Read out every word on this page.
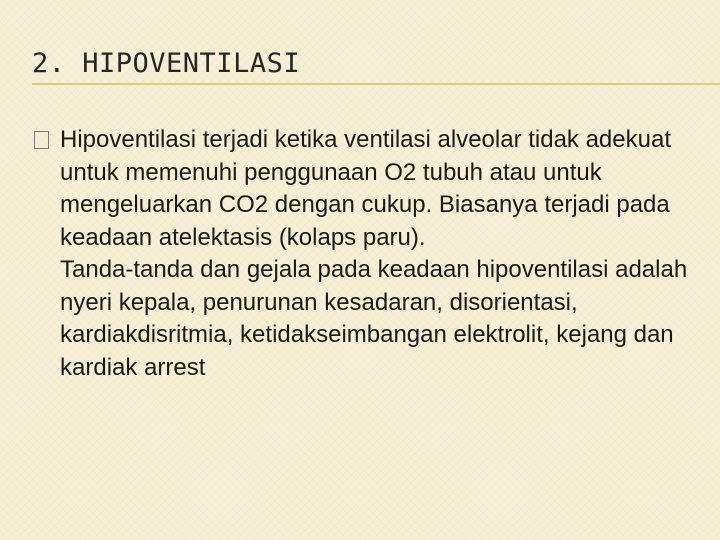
2. HIPOVENTILASI

Hipoventilasi terjadi ketika ventilasi alveolar tidak adekuat untuk memenuhi penggunaan O2 tubuh atau untuk mengeluarkan CO2 dengan cukup. Biasanya terjadi pada keadaan atelektasis (kolaps paru).

Tanda-tanda dan gejala pada keadaan hipoventilasi adalah nyeri kepala, penurunan kesadaran, disorientasi, kardiakdisritmia, ketidakseimbangan elektrolit, kejang dan kardiak arrest
